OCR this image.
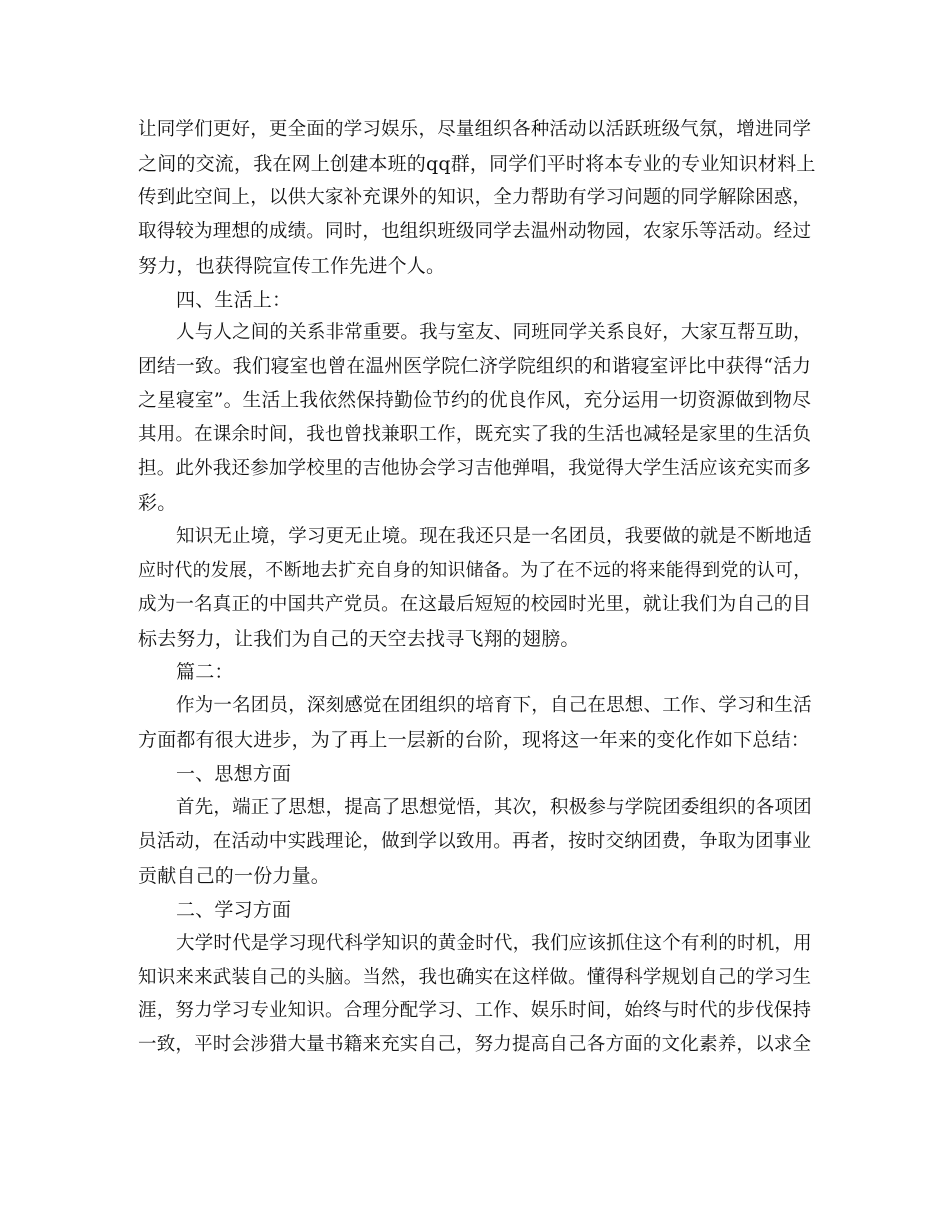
让同学们更好，更全面的学习娱乐，尽量组织各种活动以活跃班级气氛，增进同学
之间的交流，我在网上创建本班的qq群，同学们平时将本专业的专业知识材料上
传到此空间上，以供大家补充课外的知识，全力帮助有学习问题的同学解除困惑，
取得较为理想的成绩。同时，也组织班级同学去温州动物园，农家乐等活动。经过
努力，也获得院宣传工作先进个人。
四、生活上：
人与人之间的关系非常重要。我与室友、同班同学关系良好，大家互帮互助，
团结一致。我们寝室也曾在温州医学院仁济学院组织的和谐寝室评比中获得“活力
之星寝室”。生活上我依然保持勤俭节约的优良作风，充分运用一切资源做到物尽
其用。在课余时间，我也曾找兼职工作，既充实了我的生活也减轻是家里的生活负
担。此外我还参加学校里的吉他协会学习吉他弹唱，我觉得大学生活应该充实而多
彩。
知识无止境，学习更无止境。现在我还只是一名团员，我要做的就是不断地适
应时代的发展，不断地去扩充自身的知识储备。为了在不远的将来能得到党的认可，
成为一名真正的中国共产党员。在这最后短短的校园时光里，就让我们为自己的目
标去努力，让我们为自己的天空去找寻飞翔的翅膀。
篇二：
作为一名团员，深刻感觉在团组织的培育下，自己在思想、工作、学习和生活
方面都有很大进步，为了再上一层新的台阶，现将这一年来的变化作如下总结：
一、思想方面
首先，端正了思想，提高了思想觉悟，其次，积极参与学院团委组织的各项团
员活动，在活动中实践理论，做到学以致用。再者，按时交纳团费，争取为团事业
贡献自己的一份力量。
二、学习方面
大学时代是学习现代科学知识的黄金时代，我们应该抓住这个有利的时机，用
知识来来武装自己的头脑。当然，我也确实在这样做。懂得科学规划自己的学习生
涯，努力学习专业知识。合理分配学习、工作、娱乐时间，始终与时代的步伐保持
一致，平时会涉猎大量书籍来充实自己，努力提高自己各方面的文化素养，以求全
